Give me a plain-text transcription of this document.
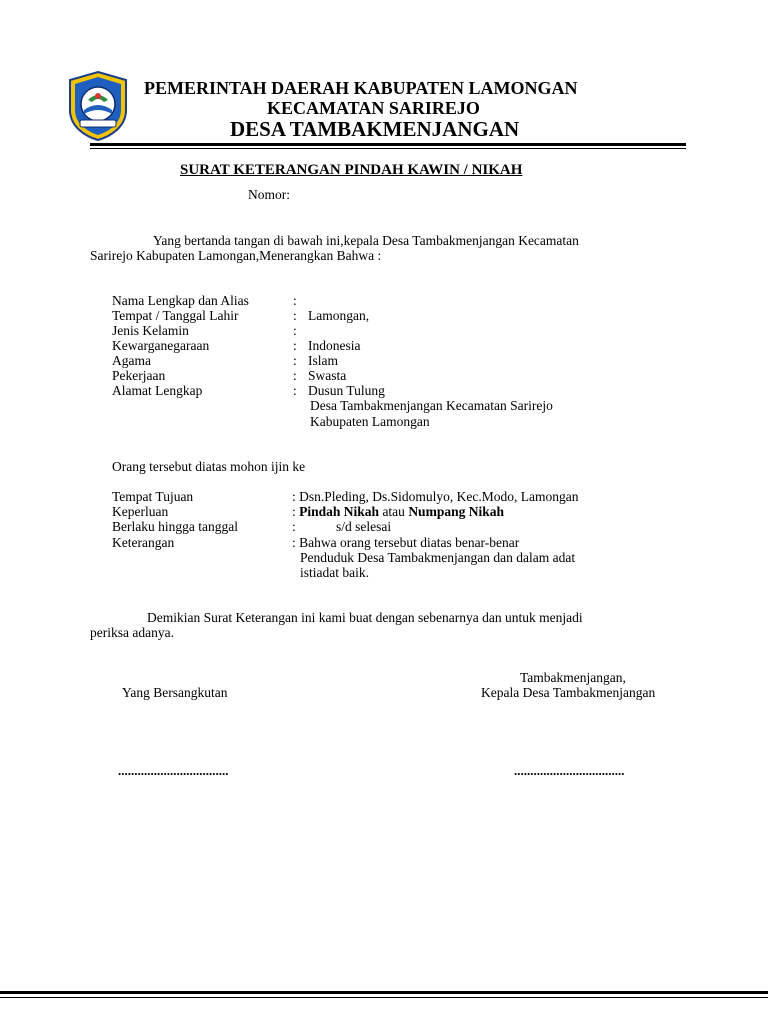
PEMERINTAH DAERAH KABUPATEN LAMONGAN
KECAMATAN SARIREJO
DESA TAMBAKMENJANGAN
SURAT KETERANGAN PINDAH KAWIN / NIKAH
Nomor:
Yang bertanda tangan di bawah ini,kepala Desa Tambakmenjangan Kecamatan
Sarirejo Kabupaten Lamongan,Menerangkan Bahwa :
Nama Lengkap dan Alias	:
Tempat / Tanggal Lahir	: Lamongan,
Jenis Kelamin	:
Kewarganegaraan	: Indonesia
Agama	: Islam
Pekerjaan	: Swasta
Alamat Lengkap	: Dusun Tulung
Desa Tambakmenjangan Kecamatan Sarirejo
Kabupaten Lamongan
Orang tersebut diatas mohon ijin ke
Tempat Tujuan	: Dsn.Pleding, Ds.Sidomulyo, Kec.Modo, Lamongan
Keperluan	: Pindah Nikah atau Numpang Nikah
Berlaku hingga tanggal	:	s/d selesai
Keterangan	: Bahwa orang tersebut diatas benar-benar
Penduduk Desa Tambakmenjangan dan dalam adat
istiadat baik.
Demikian Surat Keterangan ini kami buat dengan sebenarnya dan untuk menjadi
periksa adanya.
Tambakmenjangan,
Yang Bersangkutan	Kepala Desa Tambakmenjangan
..................................	..................................
